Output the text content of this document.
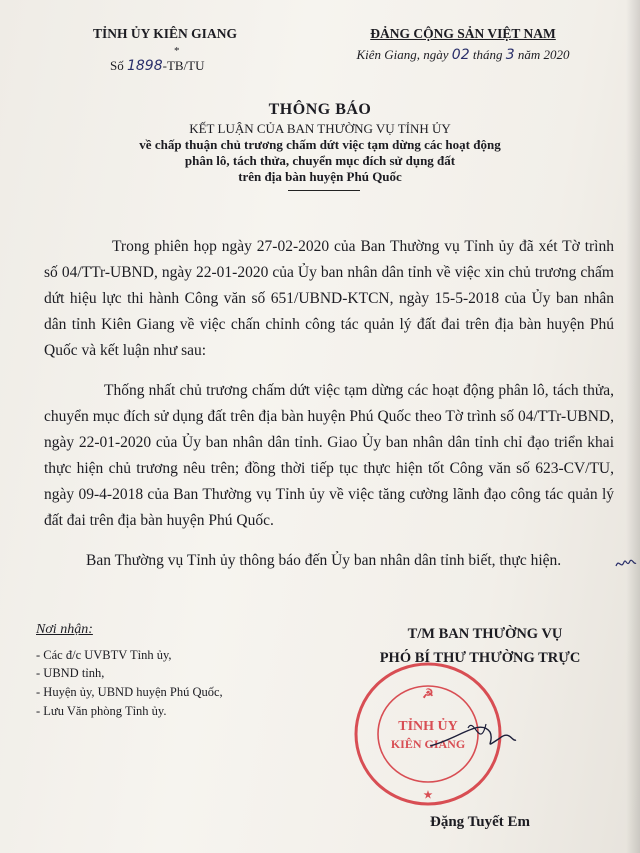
TỈNH ỦY KIÊN GIANG	ĐẢNG CỘNG SẢN VIỆT NAM
Kiên Giang, ngày 02 tháng 3 năm 2020
Số 1898-TB/TU
*
THÔNG BÁO
KẾT LUẬN CỦA BAN THƯỜNG VỤ TỈNH ỦY
về chấp thuận chủ trương chấm dứt việc tạm dừng các hoạt động
phân lô, tách thửa, chuyển mục đích sử dụng đất
trên địa bàn huyện Phú Quốc
Trong phiên họp ngày 27-02-2020 của Ban Thường vụ Tỉnh ủy đã xét Tờ trình số 04/TTr-UBND, ngày 22-01-2020 của Ủy ban nhân dân tỉnh về việc xin chủ trương chấm dứt hiệu lực thi hành Công văn số 651/UBND-KTCN, ngày 15-5-2018 của Ủy ban nhân dân tỉnh Kiên Giang về việc chấn chỉnh công tác quản lý đất đai trên địa bàn huyện Phú Quốc và kết luận như sau:
Thống nhất chủ trương chấm dứt việc tạm dừng các hoạt động phân lô, tách thửa, chuyển mục đích sử dụng đất trên địa bàn huyện Phú Quốc theo Tờ trình số 04/TTr-UBND, ngày 22-01-2020 của Ủy ban nhân dân tỉnh. Giao Ủy ban nhân dân tỉnh chỉ đạo triển khai thực hiện chủ trương nêu trên; đồng thời tiếp tục thực hiện tốt Công văn số 623-CV/TU, ngày 09-4-2018 của Ban Thường vụ Tỉnh ủy về việc tăng cường lãnh đạo công tác quản lý đất đai trên địa bàn huyện Phú Quốc.
Ban Thường vụ Tỉnh ủy thông báo đến Ủy ban nhân dân tỉnh biết, thực hiện.
Nơi nhận:
- Các đ/c UVBTV Tỉnh ủy,
- UBND tỉnh,
- Huyện ủy, UBND huyện Phú Quốc,
- Lưu Văn phòng Tỉnh ủy.
T/M BAN THƯỜNG VỤ
PHÓ BÍ THƯ THƯỜNG TRỰC
TỈNH ỦY
KIÊN GIANG
☭
★
Đặng Tuyết Em
